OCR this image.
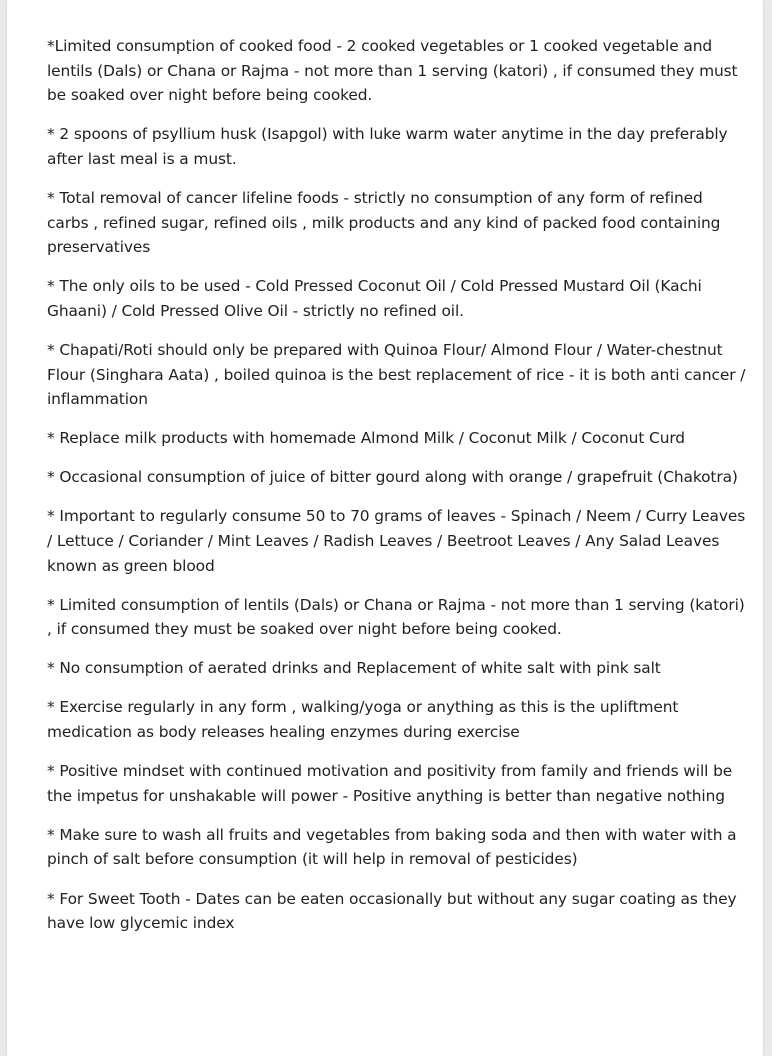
*Limited consumption of cooked food - 2 cooked vegetables or 1 cooked vegetable and lentils (Dals) or Chana or Rajma - not more than 1 serving (katori) , if consumed they must be soaked over night before being cooked.

* 2 spoons of psyllium husk (Isapgol) with luke warm water anytime in the day preferably after last meal is a must.

* Total removal of cancer lifeline foods - strictly no consumption of any form of refined carbs , refined sugar, refined oils , milk products and any kind of packed food containing preservatives

* The only oils to be used - Cold Pressed Coconut Oil / Cold Pressed Mustard Oil (Kachi Ghaani) / Cold Pressed Olive Oil - strictly no refined oil.

* Chapati/Roti should only be prepared with Quinoa Flour/ Almond Flour / Water-chestnut Flour (Singhara Aata) , boiled quinoa is the best replacement of rice - it is both anti cancer / inflammation

* Replace milk products with homemade Almond Milk / Coconut Milk / Coconut Curd

* Occasional consumption of juice of bitter gourd along with orange / grapefruit (Chakotra)

* Important to regularly consume 50 to 70 grams of leaves - Spinach / Neem / Curry Leaves / Lettuce / Coriander / Mint Leaves / Radish Leaves / Beetroot Leaves / Any Salad Leaves known as green blood

* Limited consumption of lentils (Dals) or Chana or Rajma - not more than 1 serving (katori) , if consumed they must be soaked over night before being cooked.

* No consumption of aerated drinks and Replacement of white salt with pink salt

* Exercise regularly in any form , walking/yoga or anything as this is the upliftment medication as body releases healing enzymes during exercise

* Positive mindset with continued motivation and positivity from family and friends will be the impetus for unshakable will power - Positive anything is better than negative nothing

* Make sure to wash all fruits and vegetables from baking soda and then with water with a pinch of salt before consumption (it will help in removal of pesticides)

* For Sweet Tooth - Dates can be eaten occasionally but without any sugar coating as they have low glycemic index
